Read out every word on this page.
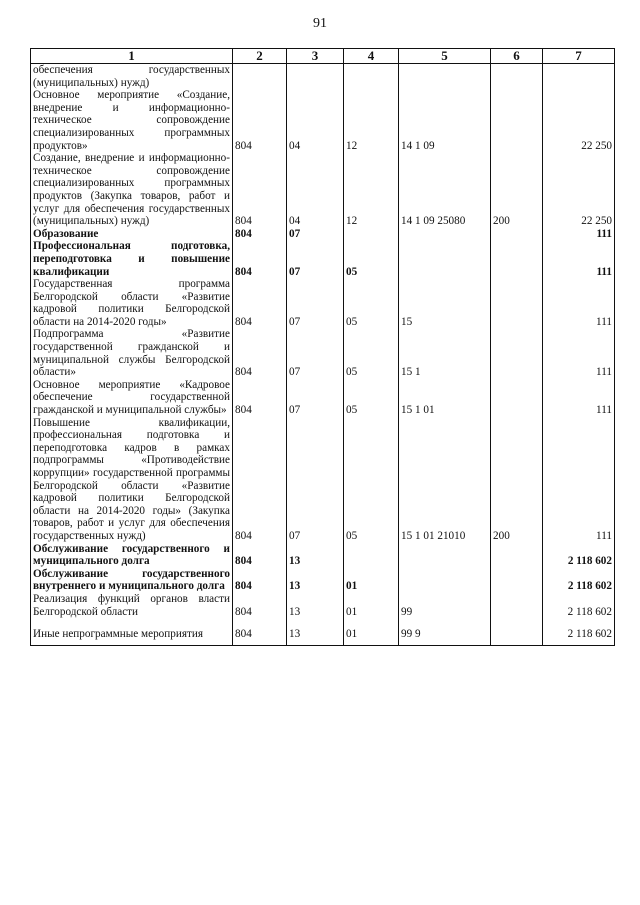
91
1	2	3	4	5	6	7
обеспечения государственных (муниципальных) нужд)						
Основное мероприятие «Создание, внедрение и информационно-техническое сопровождение специализированных программных продуктов»	804	04	12	14 1 09		22 250
Создание, внедрение и информационно-техническое сопровождение специализированных программных продуктов (Закупка товаров, работ и услуг для обеспечения государственных (муниципальных) нужд)	804	04	12	14 1 09 25080	200	22 250
Образование	804	07				111
Профессиональная подготовка, переподготовка и повышение квалификации	804	07	05			111
Государственная программа Белгородской области «Развитие кадровой политики Белгородской области на 2014-2020 годы»	804	07	05	15		111
Подпрограмма «Развитие государственной гражданской и муниципальной службы Белгородской области»	804	07	05	15 1		111
Основное мероприятие «Кадровое обеспечение государственной гражданской и муниципальной службы»	804	07	05	15 1 01		111
Повышение квалификации, профессиональная подготовка и переподготовка кадров в рамках подпрограммы «Противодействие коррупции» государственной программы Белгородской области «Развитие кадровой политики Белгородской области на 2014-2020 годы» (Закупка товаров, работ и услуг для обеспечения государственных нужд)	804	07	05	15 1 01 21010	200	111
Обслуживание государственного и муниципального долга	804	13				2 118 602
Обслуживание государственного внутреннего и муниципального долга	804	13	01			2 118 602
Реализация функций органов власти Белгородской области	804	13	01	99		2 118 602

Иные непрограммные мероприятия	804	13	01	99 9		2 118 602
